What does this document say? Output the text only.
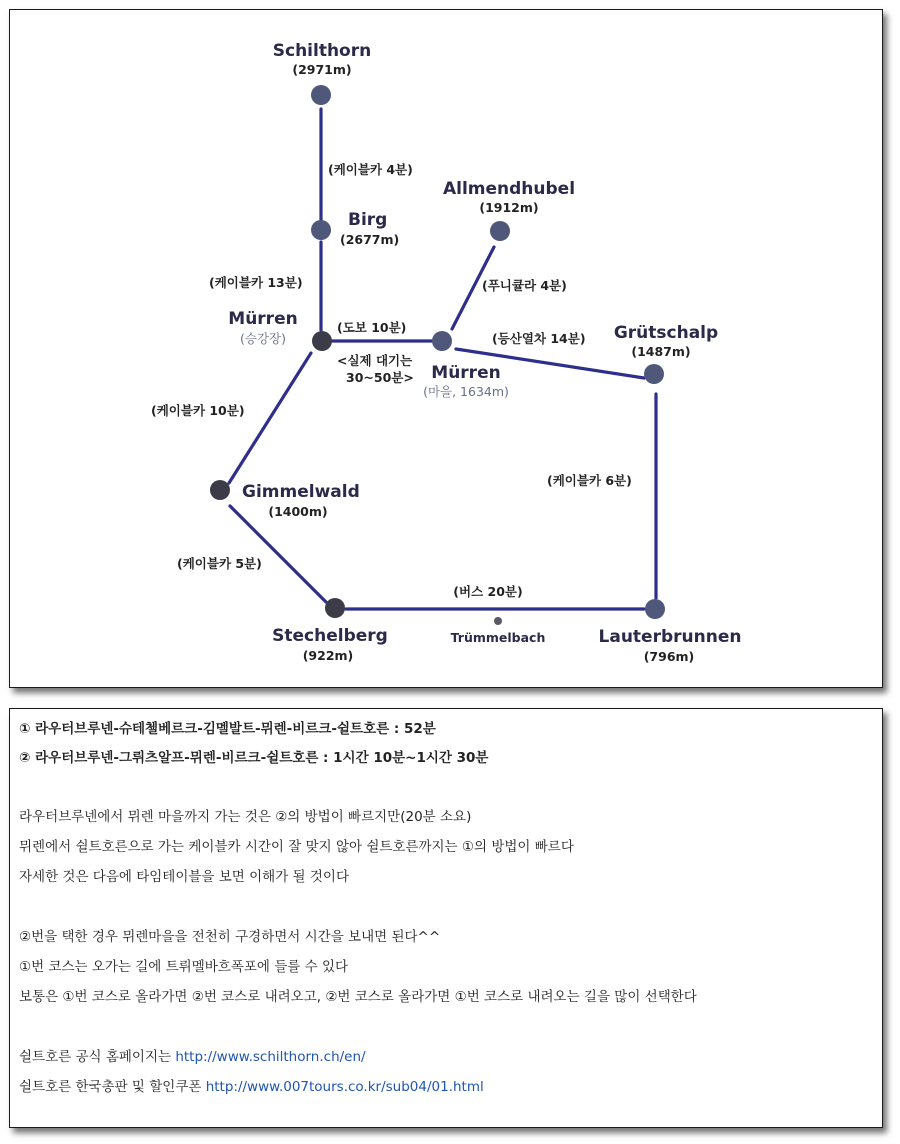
Schilthorn
(2971m)
Birg
(2677m)
Allmendhubel
(1912m)
Mürren
(승강장)
Mürren
(마을, 1634m)
Grütschalp
(1487m)
Gimmelwald
(1400m)
Stechelberg
(922m)
Lauterbrunnen
(796m)
Trümmelbach
(케이블카 4분)
(케이블카 13분)
(도보 10분)
<실제 대기는
30~50분>
(푸니큘라 4분)
(등산열차 14분)
(케이블카 10분)
(케이블카 6분)
(케이블카 5분)
(버스 20분)
① 라우터브루넨-슈테첼베르크-김멜발트-뮈렌-비르크-쉴트호른 : 52분
② 라우터브루넨-그뤼츠알프-뮈렌-비르크-쉴트호른 : 1시간 10분~1시간 30분
라우터브루넨에서 뮈렌 마을까지 가는 것은 ②의 방법이 빠르지만(20분 소요)
뮈렌에서 쉴트호른으로 가는 케이블카 시간이 잘 맞지 않아 쉴트호른까지는 ①의 방법이 빠르다
자세한 것은 다음에 타임테이블을 보면 이해가 될 것이다
②번을 택한 경우 뮈렌마을을 전천히 구경하면서 시간을 보내면 된다^^
①번 코스는 오가는 길에 트뤼멜바흐폭포에 들를 수 있다
보통은 ①번 코스로 올라가면 ②번 코스로 내려오고, ②번 코스로 올라가면 ①번 코스로 내려오는 길을 많이 선택한다
쉴트호른 공식 홈페이지는 http://www.schilthorn.ch/en/
쉴트호른 한국총판 및 할인쿠폰 http://www.007tours.co.kr/sub04/01.html
